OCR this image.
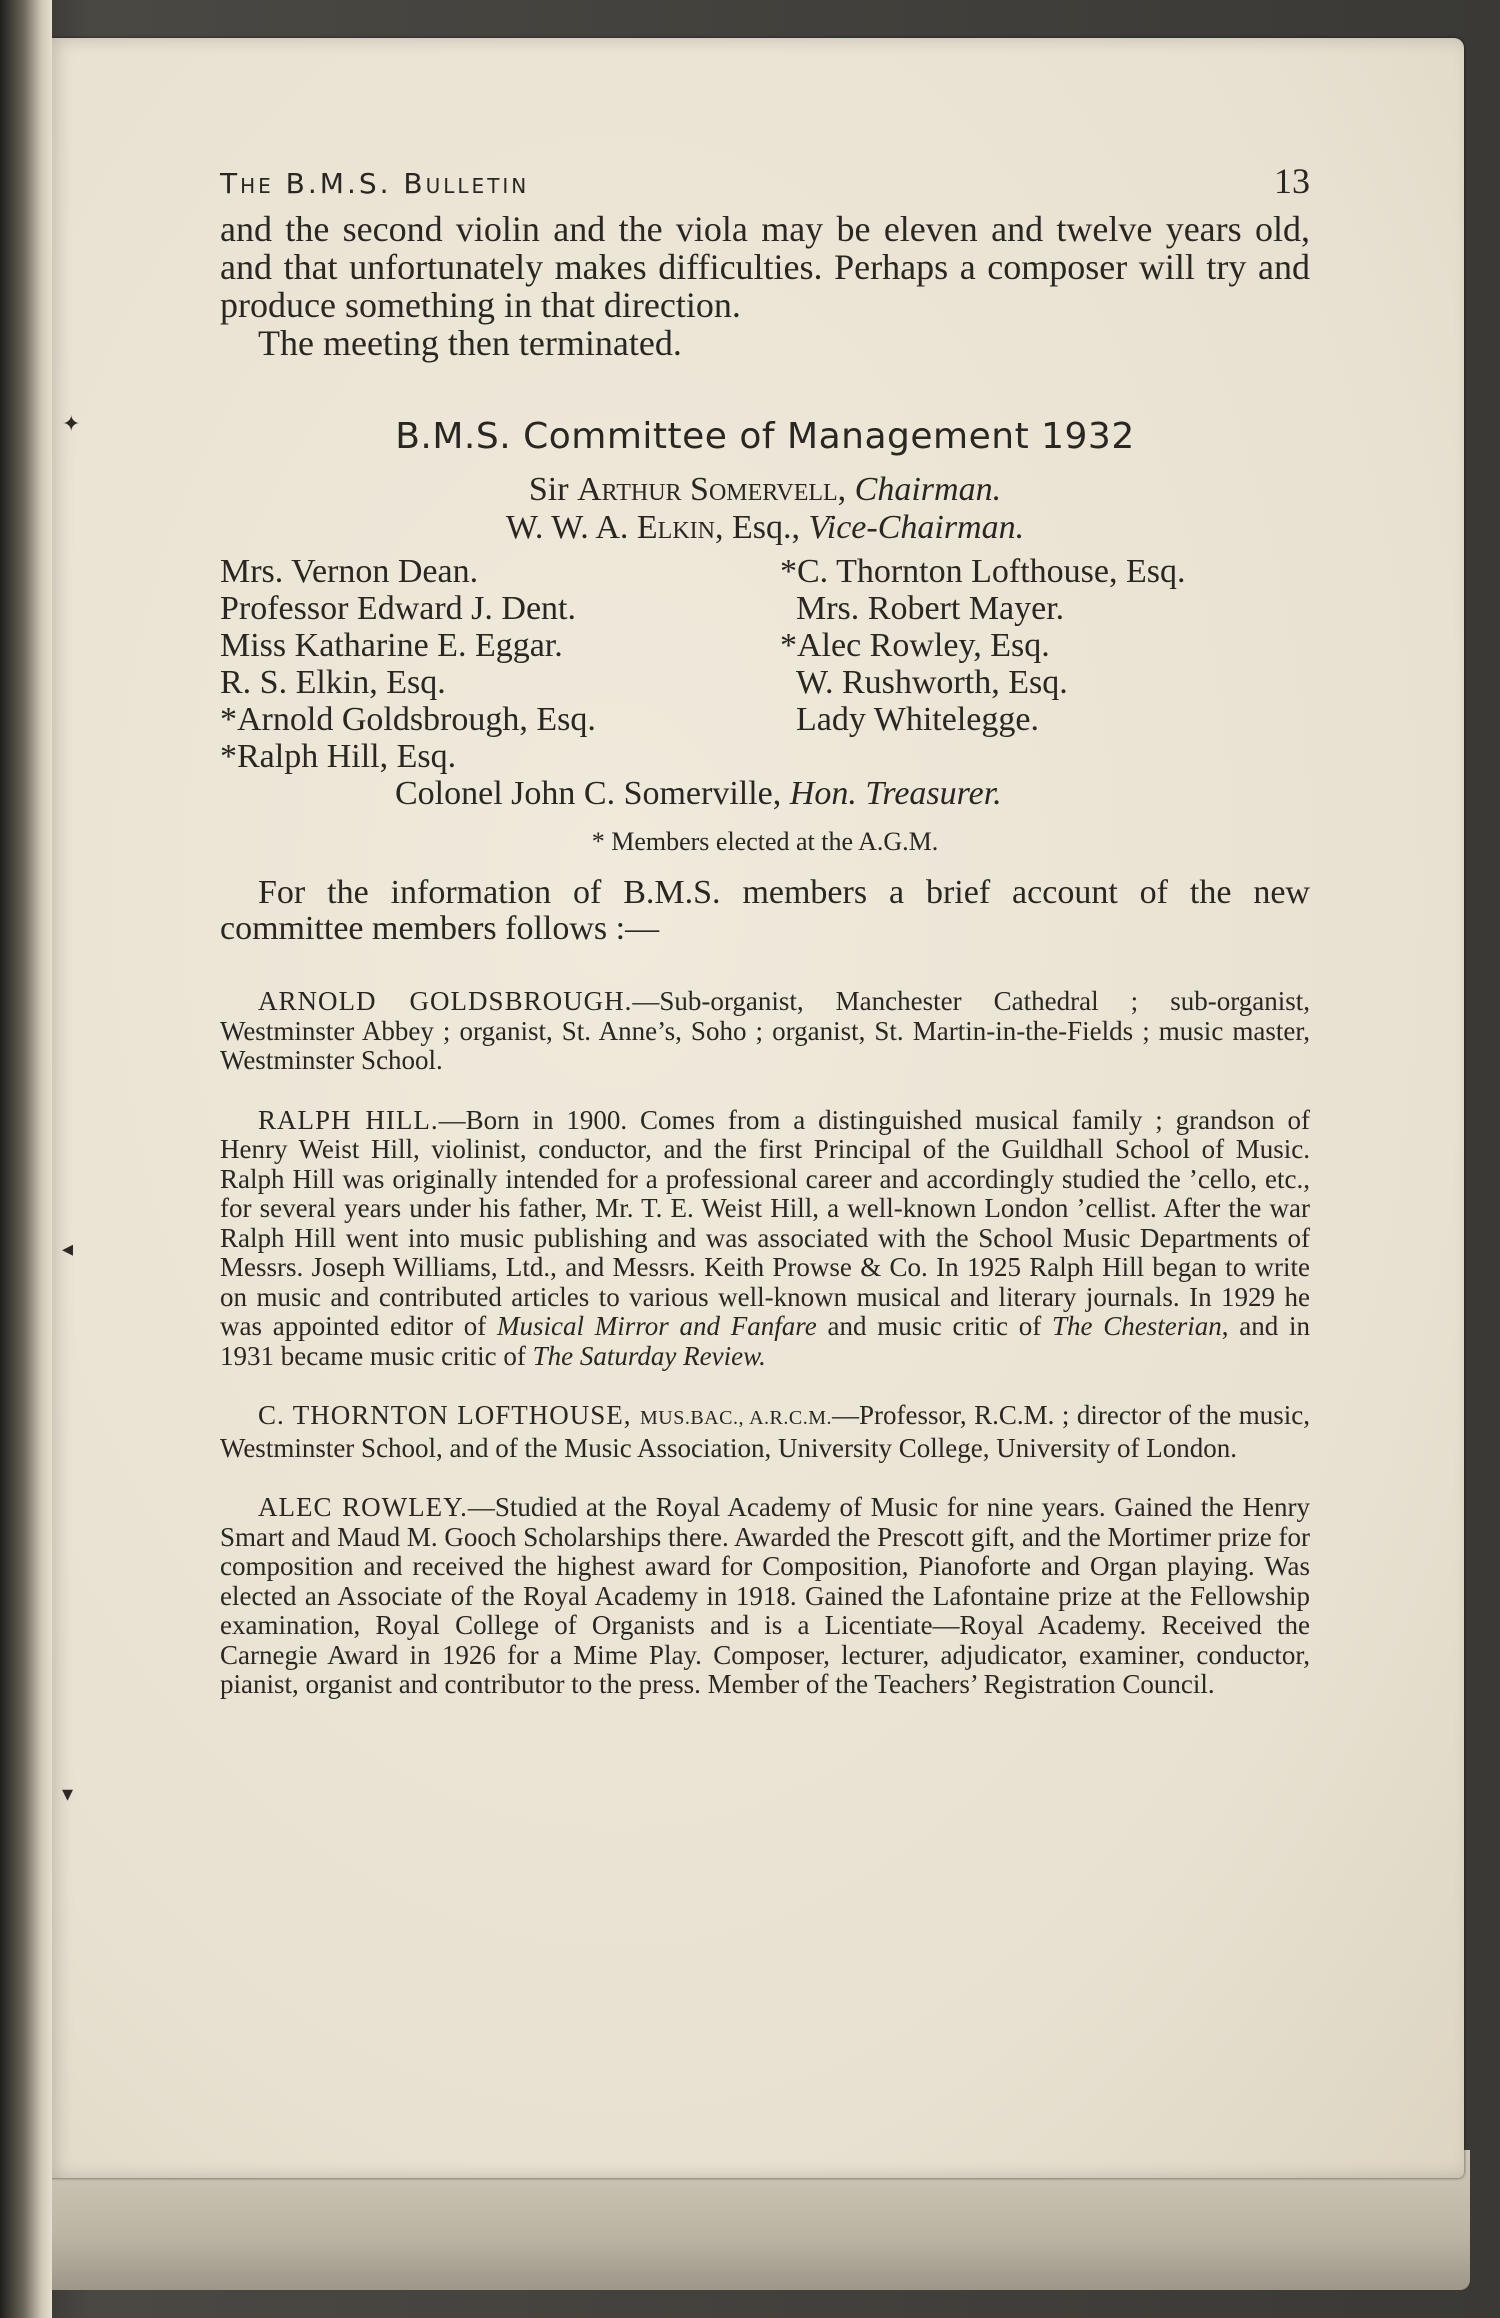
✦
◂
▾
The B.M.S. Bulletin	13

and the second violin and the viola may be eleven and twelve years old, and that unfortunately makes difficulties. Perhaps a composer will try and produce something in that direction.

The meeting then terminated.

B.M.S. Committee of Management 1932
Sir Arthur Somervell, Chairman.
W. W. A. Elkin, Esq., Vice-Chairman.
Mrs. Vernon Dean.
Professor Edward J. Dent.
Miss Katharine E. Eggar.
R. S. Elkin, Esq.
*Arnold Goldsbrough, Esq.
*Ralph Hill, Esq.
*C. Thornton Lofthouse, Esq.
Mrs. Robert Mayer.
*Alec Rowley, Esq.
W. Rushworth, Esq.
Lady Whitelegge.
Colonel John C. Somerville, Hon. Treasurer.
* Members elected at the A.G.M.

For the information of B.M.S. members a brief account of the new committee members follows :—

ARNOLD GOLDSBROUGH.—Sub-organist, Manchester Cathedral ; sub-organist, Westminster Abbey ; organist, St. Anne’s, Soho ; organist, St. Martin-in-the-Fields ; music master, Westminster School.

RALPH HILL.—Born in 1900. Comes from a distinguished musical family ; grandson of Henry Weist Hill, violinist, conductor, and the first Principal of the Guildhall School of Music. Ralph Hill was originally intended for a professional career and accordingly studied the ’cello, etc., for several years under his father, Mr. T. E. Weist Hill, a well-known London ’cellist. After the war Ralph Hill went into music publishing and was associated with the School Music Departments of Messrs. Joseph Williams, Ltd., and Messrs. Keith Prowse & Co. In 1925 Ralph Hill began to write on music and contributed articles to various well-known musical and literary journals. In 1929 he was appointed editor of Musical Mirror and Fanfare and music critic of The Chesterian, and in 1931 became music critic of The Saturday Review.

C. THORNTON LOFTHOUSE, MUS.BAC., A.R.C.M.—Professor, R.C.M. ; director of the music, Westminster School, and of the Music Association, University College, University of London.

ALEC ROWLEY.—Studied at the Royal Academy of Music for nine years. Gained the Henry Smart and Maud M. Gooch Scholarships there. Awarded the Prescott gift, and the Mortimer prize for composition and received the highest award for Composition, Pianoforte and Organ playing. Was elected an Associate of the Royal Academy in 1918. Gained the Lafontaine prize at the Fellowship examination, Royal College of Organists and is a Licentiate—Royal Academy. Received the Carnegie Award in 1926 for a Mime Play. Composer, lecturer, adjudicator, examiner, conductor, pianist, organist and contributor to the press. Member of the Teachers’ Registration Council.
